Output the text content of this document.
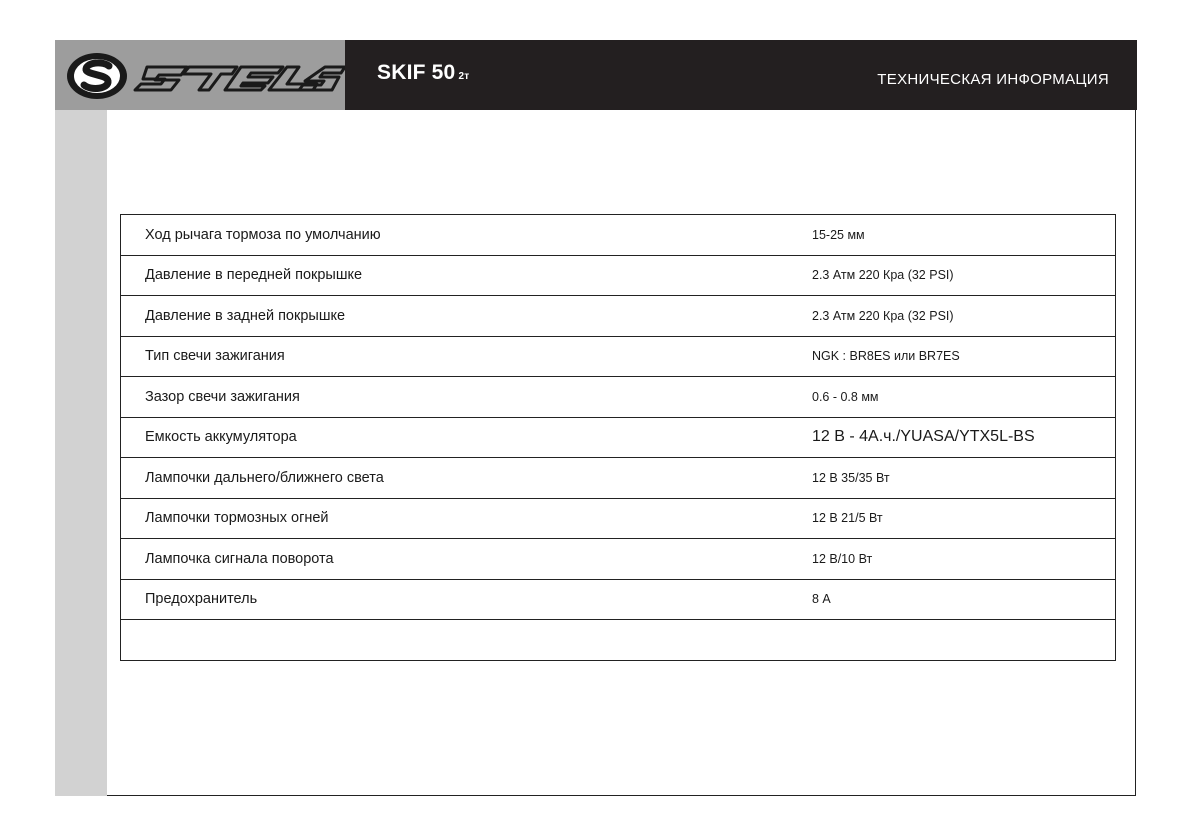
SKIF 50 2т	ТЕХНИЧЕСКАЯ ИНФОРМАЦИЯ
Ход рычага тормоза по умолчанию	15-25 мм
Давление в передней покрышке	2.3 Атм 220 Кра (32 PSI)
Давление в задней покрышке	2.3 Атм 220 Кра (32 PSI)
Тип свечи зажигания	NGK : BR8ES или BR7ES
Зазор свечи зажигания	0.6 - 0.8 мм
Емкость аккумулятора	12 В - 4А.ч./YUASA/YTX5L-BS
Лампочки дальнего/ближнего света	12 В 35/35 Вт
Лампочки тормозных огней	12 В 21/5 Вт
Лампочка сигнала поворота	12 В/10 Вт
Предохранитель	8 А
